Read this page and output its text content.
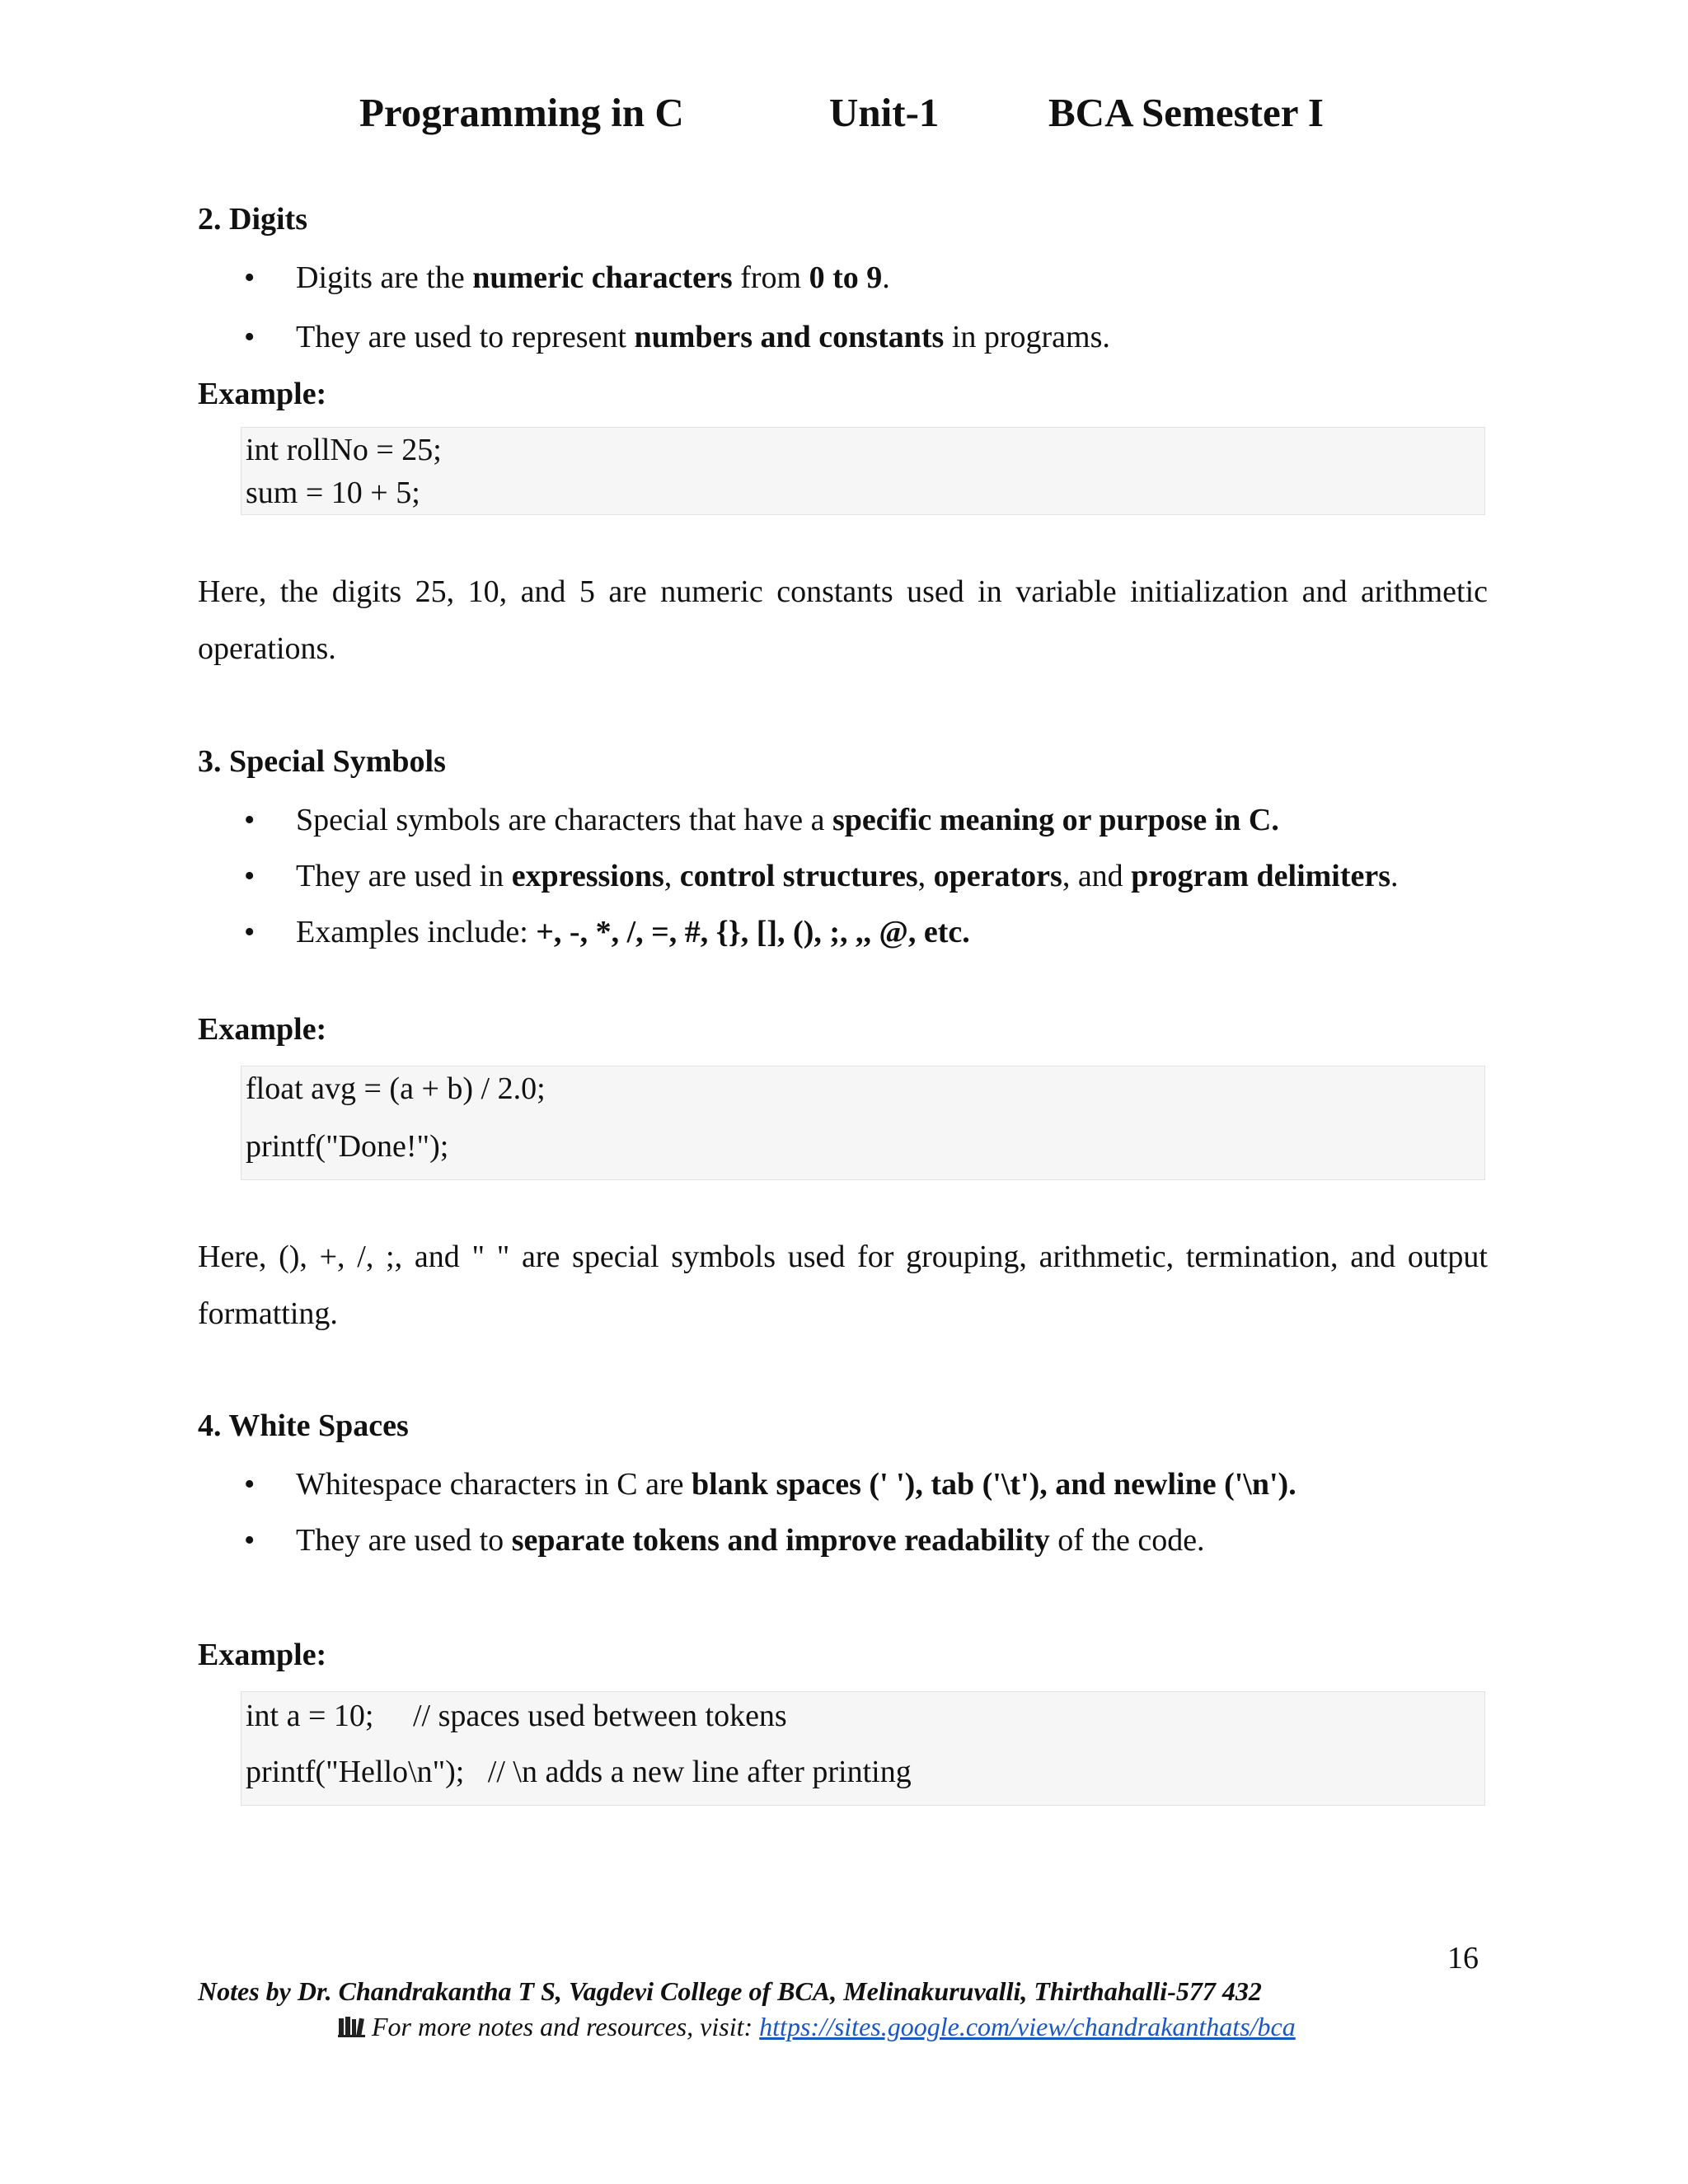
Programming in C	Unit-1	BCA Semester I
2. Digits
• Digits are the numeric characters from 0 to 9.
• They are used to represent numbers and constants in programs.
Example:
int rollNo = 25;
sum = 10 + 5;
Here, the digits 25, 10, and 5 are numeric constants used in variable initialization and arithmetic operations.
3. Special Symbols
• Special symbols are characters that have a specific meaning or purpose in C.
• They are used in expressions, control structures, operators, and program delimiters.
• Examples include: +, -, *, /, =, #, {}, [], (), ;, ,, @, etc.
Example:
float avg = (a + b) / 2.0;
printf("Done!");
Here, (), +, /, ;, and " " are special symbols used for grouping, arithmetic, termination, and output formatting.
4. White Spaces
• Whitespace characters in C are blank spaces (' '), tab ('\t'), and newline ('\n').
• They are used to separate tokens and improve readability of the code.
Example:
int a = 10;     // spaces used between tokens
printf("Hello\n");   // \n adds a new line after printing
16
Notes by Dr. Chandrakantha T S, Vagdevi College of BCA, Melinakuruvalli, Thirthahalli-577 432
For more notes and resources, visit: https://sites.google.com/view/chandrakanthats/bca
